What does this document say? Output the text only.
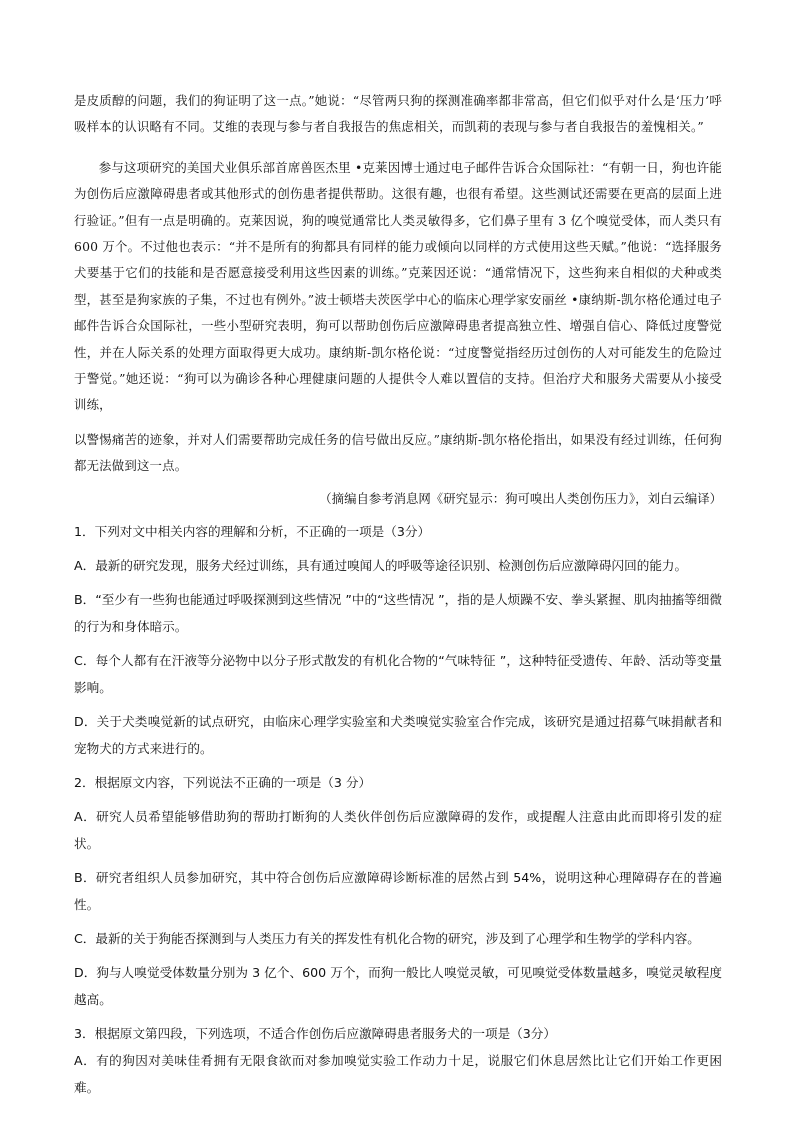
是皮质醇的问题，我们的狗证明了这一点。”她说：“尽管两只狗的探测准确率都非常高，但它们似乎对什么是‘压力’呼吸样本的认识略有不同。艾维的表现与参与者自我报告的焦虑相关，而凯莉的表现与参与者自我报告的羞愧相关。”

参与这项研究的美国犬业俱乐部首席兽医杰里 •克莱因博士通过电子邮件告诉合众国际社：“有朝一日，狗也许能为创伤后应激障碍患者或其他形式的创伤患者提供帮助。这很有趣，也很有希望。这些测试还需要在更高的层面上进行验证。”但有一点是明确的。克莱因说，狗的嗅觉通常比人类灵敏得多，它们鼻子里有 3 亿个嗅觉受体，而人类只有600 万个。不过他也表示：“并不是所有的狗都具有同样的能力或倾向以同样的方式使用这些天赋。”他说：“选择服务犬要基于它们的技能和是否愿意接受利用这些因素的训练。”克莱因还说：“通常情况下，这些狗来自相似的犬种或类型，甚至是狗家族的子集，不过也有例外。”波士顿塔夫茨医学中心的临床心理学家安丽丝 •康纳斯-凯尔格伦通过电子邮件告诉合众国际社，一些小型研究表明，狗可以帮助创伤后应激障碍患者提高独立性、增强自信心、降低过度警觉性，并在人际关系的处理方面取得更大成功。康纳斯-凯尔格伦说：“过度警觉指经历过创伤的人对可能发生的危险过于警觉。”她还说：“狗可以为确诊各种心理健康问题的人提供令人难以置信的支持。但治疗犬和服务犬需要从小接受训练，

以警惕痛苦的迹象，并对人们需要帮助完成任务的信号做出反应。”康纳斯-凯尔格伦指出，如果没有经过训练，任何狗都无法做到这一点。

（摘编自参考消息网《研究显示：狗可嗅出人类创伤压力》，刘白云编译）

1．下列对文中相关内容的理解和分析，不正确的一项是（3分）

A．最新的研究发现，服务犬经过训练，具有通过嗅闻人的呼吸等途径识别、检测创伤后应激障碍闪回的能力。

B．“至少有一些狗也能通过呼吸探测到这些情况 ”中的“这些情况 ”，指的是人烦躁不安、拳头紧握、肌肉抽搐等细微的行为和身体暗示。

C．每个人都有在汗液等分泌物中以分子形式散发的有机化合物的“气味特征 ”，这种特征受遗传、年龄、活动等变量影响。

D．关于犬类嗅觉新的试点研究，由临床心理学实验室和犬类嗅觉实验室合作完成，该研究是通过招募气味捐献者和宠物犬的方式来进行的。

2．根据原文内容，下列说法不正确的一项是（3 分）

A．研究人员希望能够借助狗的帮助打断狗的人类伙伴创伤后应激障碍的发作，或提醒人注意由此而即将引发的症状。

B．研究者组织人员参加研究，其中符合创伤后应激障碍诊断标准的居然占到 54%，说明这种心理障碍存在的普遍性。

C．最新的关于狗能否探测到与人类压力有关的挥发性有机化合物的研究，涉及到了心理学和生物学的学科内容。

D．狗与人嗅觉受体数量分别为 3 亿个、600 万个，而狗一般比人嗅觉灵敏，可见嗅觉受体数量越多，嗅觉灵敏程度越高。

3．根据原文第四段，下列选项，不适合作创伤后应激障碍患者服务犬的一项是（3分）

A．有的狗因对美味佳肴拥有无限食欲而对参加嗅觉实验工作动力十足，说服它们休息居然比让它们开始工作更困难。
